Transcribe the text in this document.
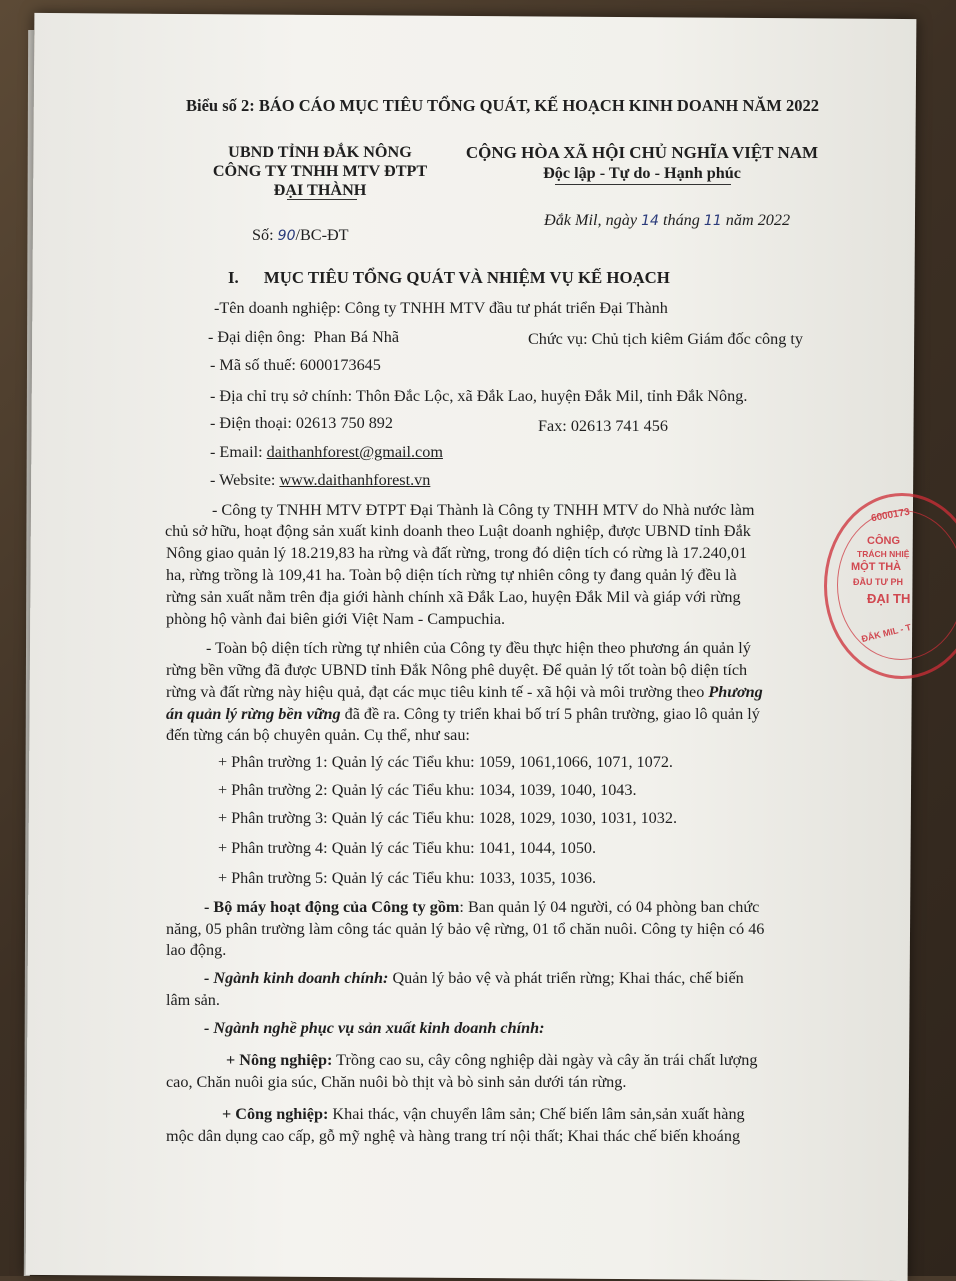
Biểu số 2: BÁO CÁO MỤC TIÊU TỔNG QUÁT, KẾ HOẠCH KINH DOANH NĂM 2022
UBND TỈNH ĐẮK NÔNG
CÔNG TY TNHH MTV ĐTPT
ĐẠI THÀNH
CỘNG HÒA XÃ HỘI CHỦ NGHĨA VIỆT NAM
Độc lập - Tự do - Hạnh phúc
Đắk Mil, ngày 14 tháng 11 năm 2022
Số: 90/BC-ĐT
I.      MỤC TIÊU TỔNG QUÁT VÀ NHIỆM VỤ KẾ HOẠCH
-Tên doanh nghiệp: Công ty TNHH MTV đầu tư phát triển Đại Thành
- Đại diện ông:  Phan Bá Nhã	Chức vụ: Chủ tịch kiêm Giám đốc công ty
- Mã số thuế: 6000173645
- Địa chỉ trụ sở chính: Thôn Đắc Lộc, xã Đắk Lao, huyện Đắk Mil, tỉnh Đắk Nông.
- Điện thoại: 02613 750 892	Fax: 02613 741 456
- Email: daithanhforest@gmail.com
- Website: www.daithanhforest.vn
- Công ty TNHH MTV ĐTPT Đại Thành là Công ty TNHH MTV do Nhà nước làm
chủ sở hữu, hoạt động sản xuất kinh doanh theo Luật doanh nghiệp, được UBND tỉnh Đắk
Nông giao quản lý 18.219,83 ha rừng và đất rừng, trong đó diện tích có rừng là 17.240,01
ha, rừng trồng là 109,41 ha. Toàn bộ diện tích rừng tự nhiên công ty đang quản lý đều là
rừng sản xuất nằm trên địa giới hành chính xã Đắk Lao, huyện Đắk Mil và giáp với rừng
phòng hộ vành đai biên giới Việt Nam - Campuchia.
- Toàn bộ diện tích rừng tự nhiên của Công ty đều thực hiện theo phương án quản lý
rừng bền vững đã được UBND tỉnh Đắk Nông phê duyệt. Để quản lý tốt toàn bộ diện tích
rừng và đất rừng này hiệu quả, đạt các mục tiêu kinh tế - xã hội và môi trường theo Phương
án quản lý rừng bền vững đã đề ra. Công ty triển khai bố trí 5 phân trường, giao lô quản lý
đến từng cán bộ chuyên quản. Cụ thể, như sau:
+ Phân trường 1: Quản lý các Tiểu khu: 1059, 1061,1066, 1071, 1072.
+ Phân trường 2: Quản lý các Tiểu khu: 1034, 1039, 1040, 1043.
+ Phân trường 3: Quản lý các Tiểu khu: 1028, 1029, 1030, 1031, 1032.
+ Phân trường 4: Quản lý các Tiểu khu: 1041, 1044, 1050.
+ Phân trường 5: Quản lý các Tiểu khu: 1033, 1035, 1036.
- Bộ máy hoạt động của Công ty gồm: Ban quản lý 04 người, có 04 phòng ban chức
năng, 05 phân trường làm công tác quản lý bảo vệ rừng, 01 tổ chăn nuôi. Công ty hiện có 46
lao động.
- Ngành kinh doanh chính: Quản lý bảo vệ và phát triển rừng; Khai thác, chế biến
lâm sản.
- Ngành nghề phục vụ sản xuất kinh doanh chính:
+ Nông nghiệp: Trồng cao su, cây công nghiệp dài ngày và cây ăn trái chất lượng
cao, Chăn nuôi gia súc, Chăn nuôi bò thịt và bò sinh sản dưới tán rừng.
+ Công nghiệp: Khai thác, vận chuyển lâm sản; Chế biến lâm sản,sản xuất hàng
mộc dân dụng cao cấp, gỗ mỹ nghệ và hàng trang trí nội thất; Khai thác chế biến khoáng
6000173
CÔNG
TRÁCH NHIỆ
MỘT THÀ
ĐẦU TƯ PH
ĐẠI TH
ĐẮK MIL - T
